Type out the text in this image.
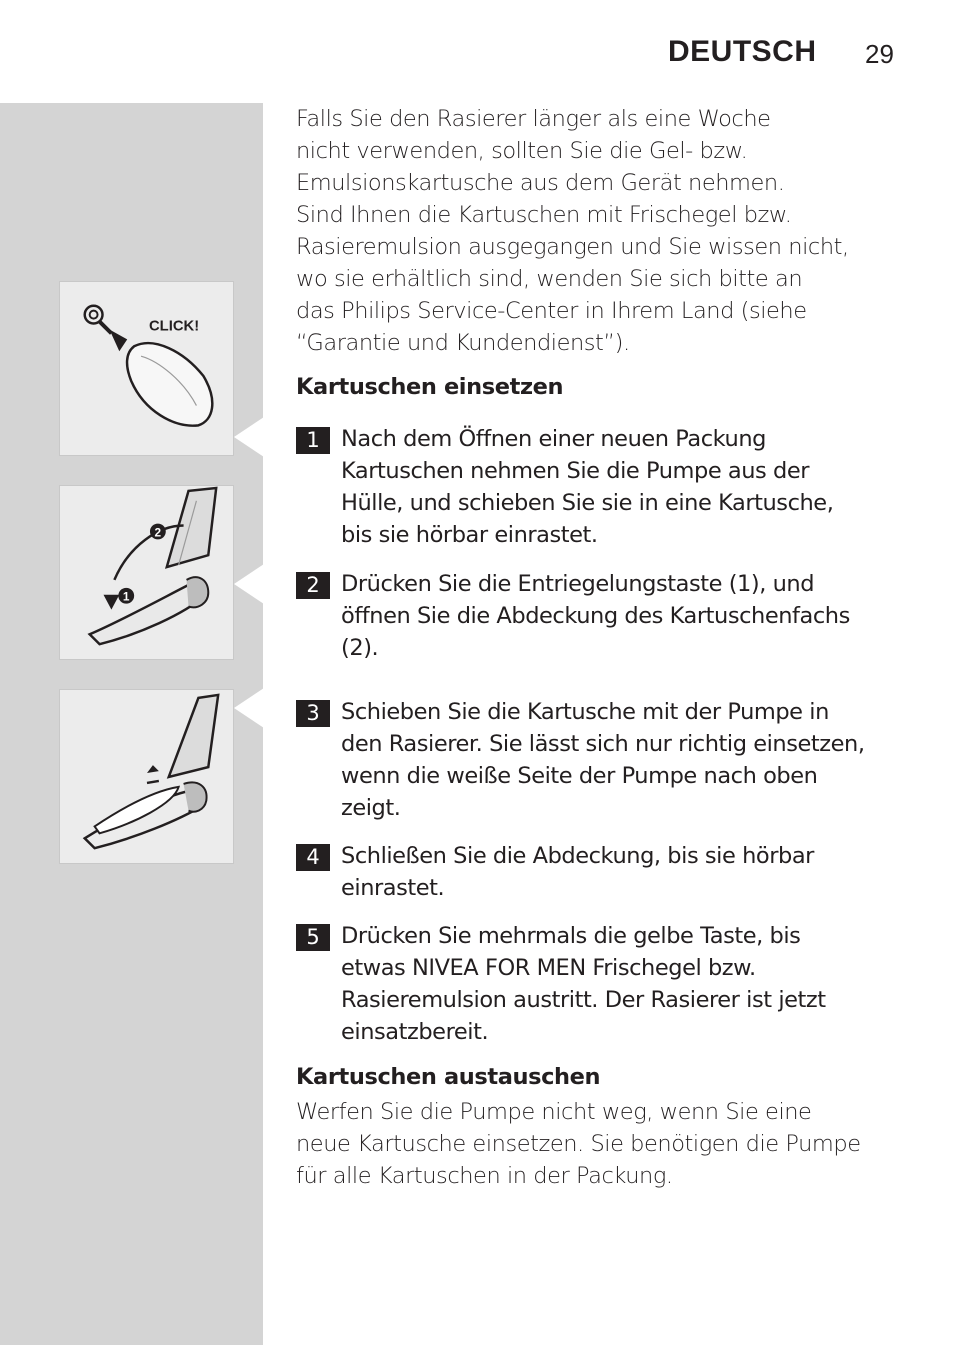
DEUTSCH 29
CLICK!
1
2
Falls Sie den Rasierer länger als eine Woche
nicht verwenden, sollten Sie die Gel- bzw.
Emulsionskartusche aus dem Gerät nehmen.
Sind Ihnen die Kartuschen mit Frischegel bzw.
Rasieremulsion ausgegangen und Sie wissen nicht,
wo sie erhältlich sind, wenden Sie sich bitte an
das Philips Service-Center in Ihrem Land (siehe
“Garantie und Kundendienst”).
Kartuschen einsetzen
1 Nach dem Öffnen einer neuen Packung
Kartuschen nehmen Sie die Pumpe aus der
Hülle, und schieben Sie sie in eine Kartusche,
bis sie hörbar einrastet.
2 Drücken Sie die Entriegelungstaste (1), und
öffnen Sie die Abdeckung des Kartuschenfachs
(2).
3 Schieben Sie die Kartusche mit der Pumpe in
den Rasierer. Sie lässt sich nur richtig einsetzen,
wenn die weiße Seite der Pumpe nach oben
zeigt.
4 Schließen Sie die Abdeckung, bis sie hörbar
einrastet.
5 Drücken Sie mehrmals die gelbe Taste, bis
etwas NIVEA FOR MEN Frischegel bzw.
Rasieremulsion austritt. Der Rasierer ist jetzt
einsatzbereit.
Kartuschen austauschen
Werfen Sie die Pumpe nicht weg, wenn Sie eine
neue Kartusche einsetzen. Sie benötigen die Pumpe
für alle Kartuschen in der Packung.
